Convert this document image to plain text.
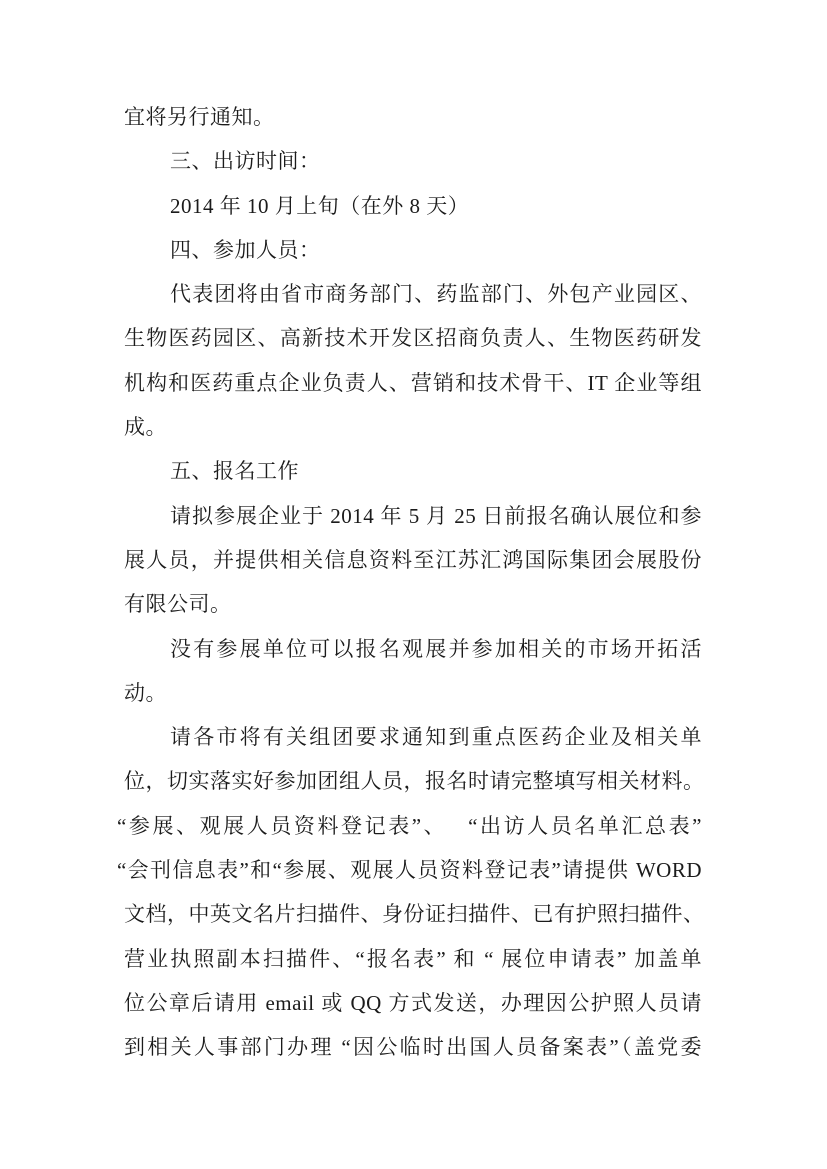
宜将另行通知。
三、出访时间：
2014 年 10 月上旬（在外 8 天）
四、参加人员：
代表团将由省市商务部门、药监部门、外包产业园区、
生物医药园区、高新技术开发区招商负责人、生物医药研发
机构和医药重点企业负责人、营销和技术骨干、IT 企业等组
成。
五、报名工作
请拟参展企业于 2014 年 5 月 25 日前报名确认展位和参
展人员，并提供相关信息资料至江苏汇鸿国际集团会展股份
有限公司。
没有参展单位可以报名观展并参加相关的市场开拓活
动。
请各市将有关组团要求通知到重点医药企业及相关单
位，切实落实好参加团组人员，报名时请完整填写相关材料。
“参展、观展人员资料登记表”、　 “出访人员名单汇总表”
“会刊信息表”和“参展、观展人员资料登记表”请提供 WORD
文档，中英文名片扫描件、身份证扫描件、已有护照扫描件、
营业执照副本扫描件、“报名表” 和 “ 展位申请表” 加盖单
位公章后请用 email 或 QQ 方式发送，办理因公护照人员请
到相关人事部门办理 “因公临时出国人员备案表”（盖党委
